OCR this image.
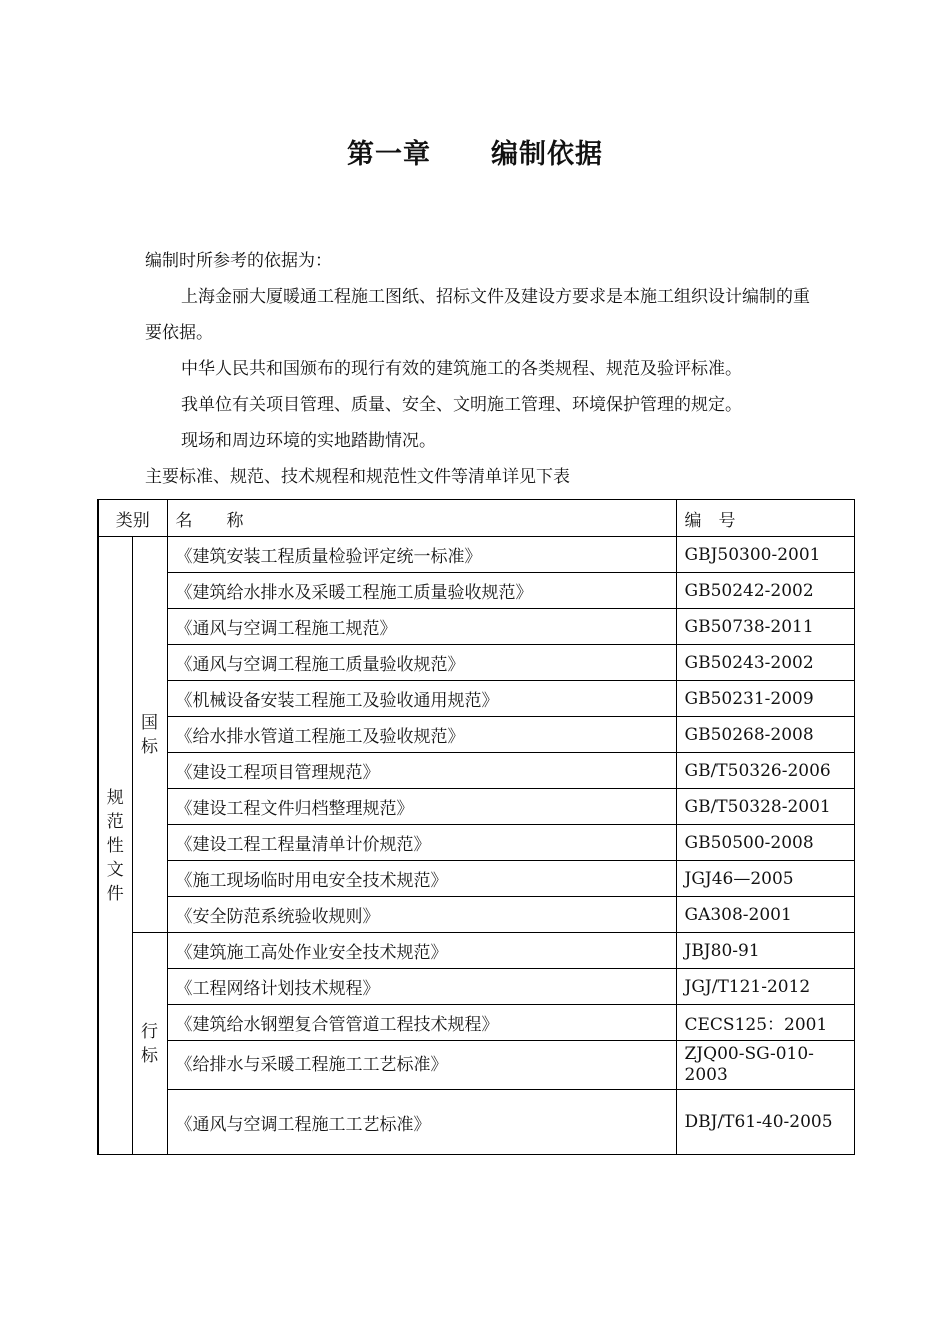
第一章 编制依据
编制时所参考的依据为：
上海金丽大厦暖通工程施工图纸、招标文件及建设方要求是本施工组织设计编制的重要依据。
中华人民共和国颁布的现行有效的建筑施工的各类规程、规范及验评标准。
我单位有关项目管理、质量、安全、文明施工管理、环境保护管理的规定。
现场和周边环境的实地踏勘情况。
主要标准、规范、技术规程和规范性文件等清单详见下表
类别		名　　称	编　号
规范性文件	国标	《建筑安装工程质量检验评定统一标准》	GBJ50300-2001
		《建筑给水排水及采暖工程施工质量验收规范》	GB50242-2002
		《通风与空调工程施工规范》	GB50738-2011
		《通风与空调工程施工质量验收规范》	GB50243-2002
		《机械设备安装工程施工及验收通用规范》	GB50231-2009
		《给水排水管道工程施工及验收规范》	GB50268-2008
		《建设工程项目管理规范》	GB/T50326-2006
		《建设工程文件归档整理规范》	GB/T50328-2001
		《建设工程工程量清单计价规范》	GB50500-2008
		《施工现场临时用电安全技术规范》	JGJ46—2005
		《安全防范系统验收规则》	GA308-2001
	行标	《建筑施工高处作业安全技术规范》	JBJ80-91
		《工程网络计划技术规程》	JGJ/T121-2012
		《建筑给水钢塑复合管管道工程技术规程》	CECS125：2001
		《给排水与采暖工程施工工艺标准》	ZJQ00-SG-010-2003
		《通风与空调工程施工工艺标准》	DBJ/T61-40-2005
